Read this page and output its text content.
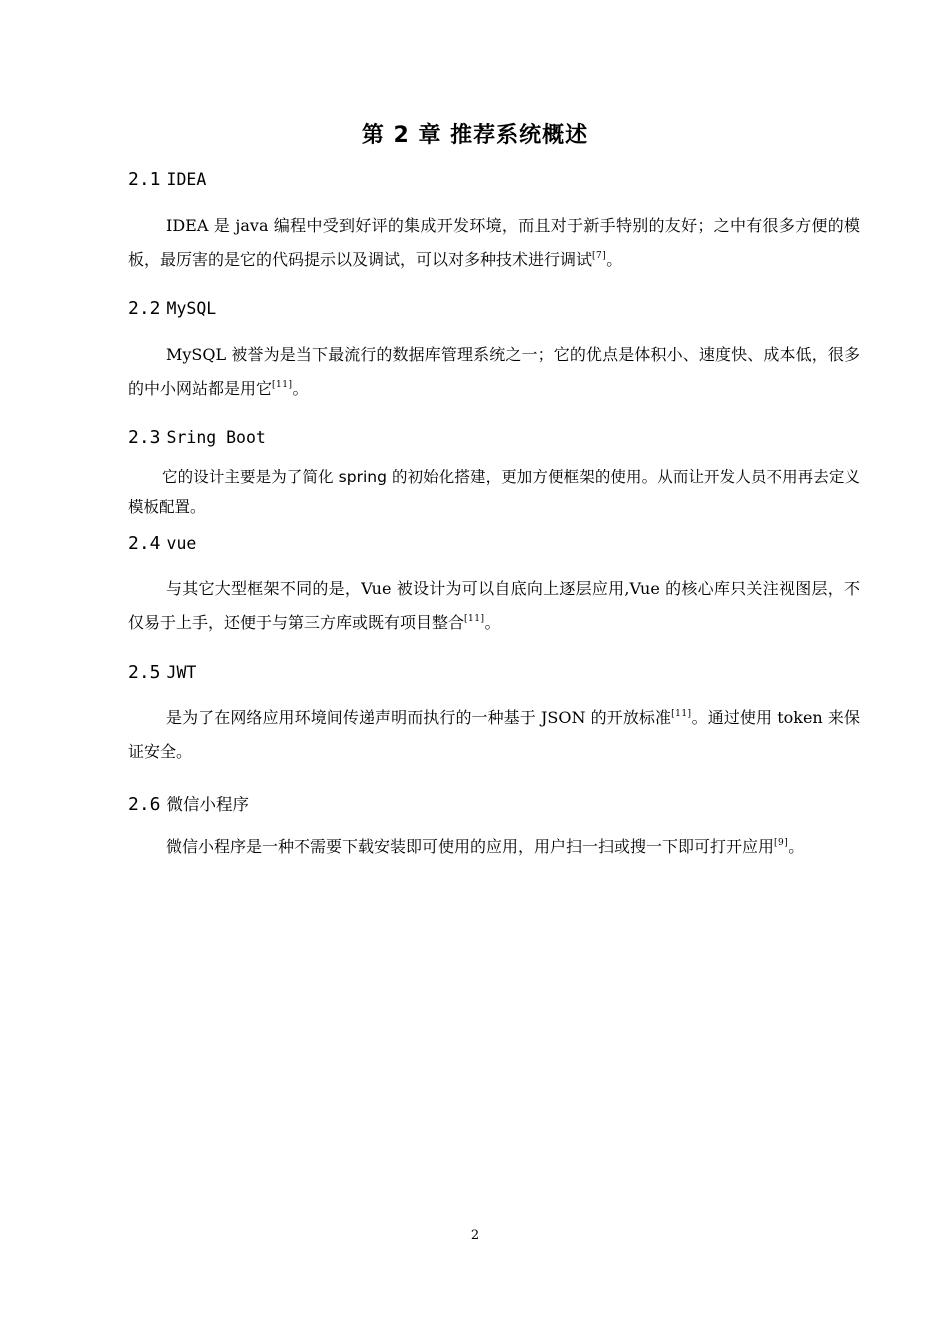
第 2 章 推荐系统概述
2.1 IDEA

IDEA 是 java 编程中受到好评的集成开发环境，而且对于新手特别的友好；之中有很多方便的模板，最厉害的是它的代码提示以及调试，可以对多种技术进行调试[7]。

2.2 MySQL

MySQL 被誉为是当下最流行的数据库管理系统之一；它的优点是体积小、速度快、成本低，很多的中小网站都是用它[11]。

2.3 Sring Boot

它的设计主要是为了简化 spring 的初始化搭建，更加方便框架的使用。从而让开发人员不用再去定义模板配置。

2.4 vue

与其它大型框架不同的是，Vue 被设计为可以自底向上逐层应用,Vue 的核心库只关注视图层，不仅易于上手，还便于与第三方库或既有项目整合[11]。

2.5 JWT

是为了在网络应用环境间传递声明而执行的一种基于 JSON 的开放标准[11]。通过使用 token 来保证安全。

2.6 微信小程序

微信小程序是一种不需要下载安装即可使用的应用，用户扫一扫或搜一下即可打开应用[9]。

2
